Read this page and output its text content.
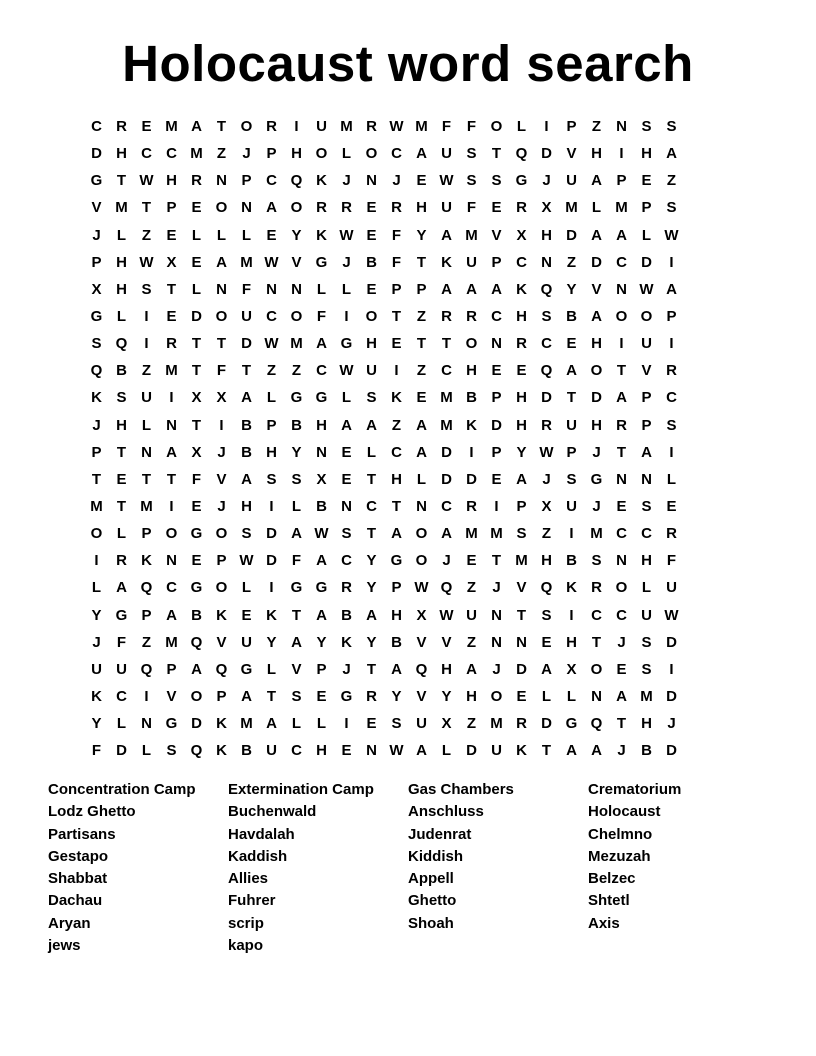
Holocaust word search
C R E M A T O R	I	U M R W M F	F O L	I	P	Z	N S S
D H C C M Z	J	P H O L O C A U S	T Q D V H	I	H A
G T W H R N P C Q K	J	N	J	E W S S G	J	U A P E	Z
V M T	P E O N A O R R E R H U F	E R X M L M P S
J	L	Z	E	L	L	L	E Y K W E	F	Y A M V X H D A A L W
P H W X E A M W V G	J	B F	T	K U P C N Z	D C D	I
X H S	T	L	N F	N N L	L	E P P A A A K Q Y V N W A
G L	I	E D O U C O F	I	O T	Z	R R C H S B A O O P
S Q	I	R T	T	D W M A G H E	T	T O N R C E H	I	U	I
Q B Z M T	F	T	Z	Z	C W U	I	Z	C H E E Q A O T	V R
K S U	I	X X A L G G L	S K E M B P H D T	D A P C
J	H L	N T	I	B P B H A A Z	A M K D H R U H R P S
P	T	N A X	J	B H Y N E	L	C A D	I	P Y W P	J	T	A	I
T	E	T	T	F	V A S S X E	T	H L	D D E A	J	S G N N L
M T M	I	E	J	H	I	L	B N C T	N C R	I	P X U	J	E S E
O L	P O G O S D A W S	T	A O A M M S	Z	I	M C C R
I	R K N E P W D F	A C Y G O	J	E	T M H B S N H F
L	A Q C G O L	I	G G R Y P W Q Z	J	V Q K R O L	U
Y G P A B K E K T	A B A H X W U N T	S	I	C C U W
J	F	Z M Q V U Y A Y K Y B V V	Z	N N E H T	J	S D
U U Q P A Q G L	V P	J	T	A Q H A	J	D A X O E S	I
K C	I	V O P A T	S E G R Y V Y H O E	L	L	N A M D
Y	L	N G D K M A L	L	I	E S U X	Z M R D G Q T	H	J
F	D L	S Q K B U C H E N W A L	D U K T	A A	J	B D
Concentration Camp
Lodz Ghetto
Partisans
Gestapo
Shabbat
Dachau
Aryan
jews
Extermination Camp
Buchenwald
Havdalah
Kaddish
Allies
Fuhrer
scrip
kapo
Gas Chambers
Anschluss
Judenrat
Kiddish
Appell
Ghetto
Shoah
Crematorium
Holocaust
Chelmno
Mezuzah
Belzec
Shtetl
Axis
